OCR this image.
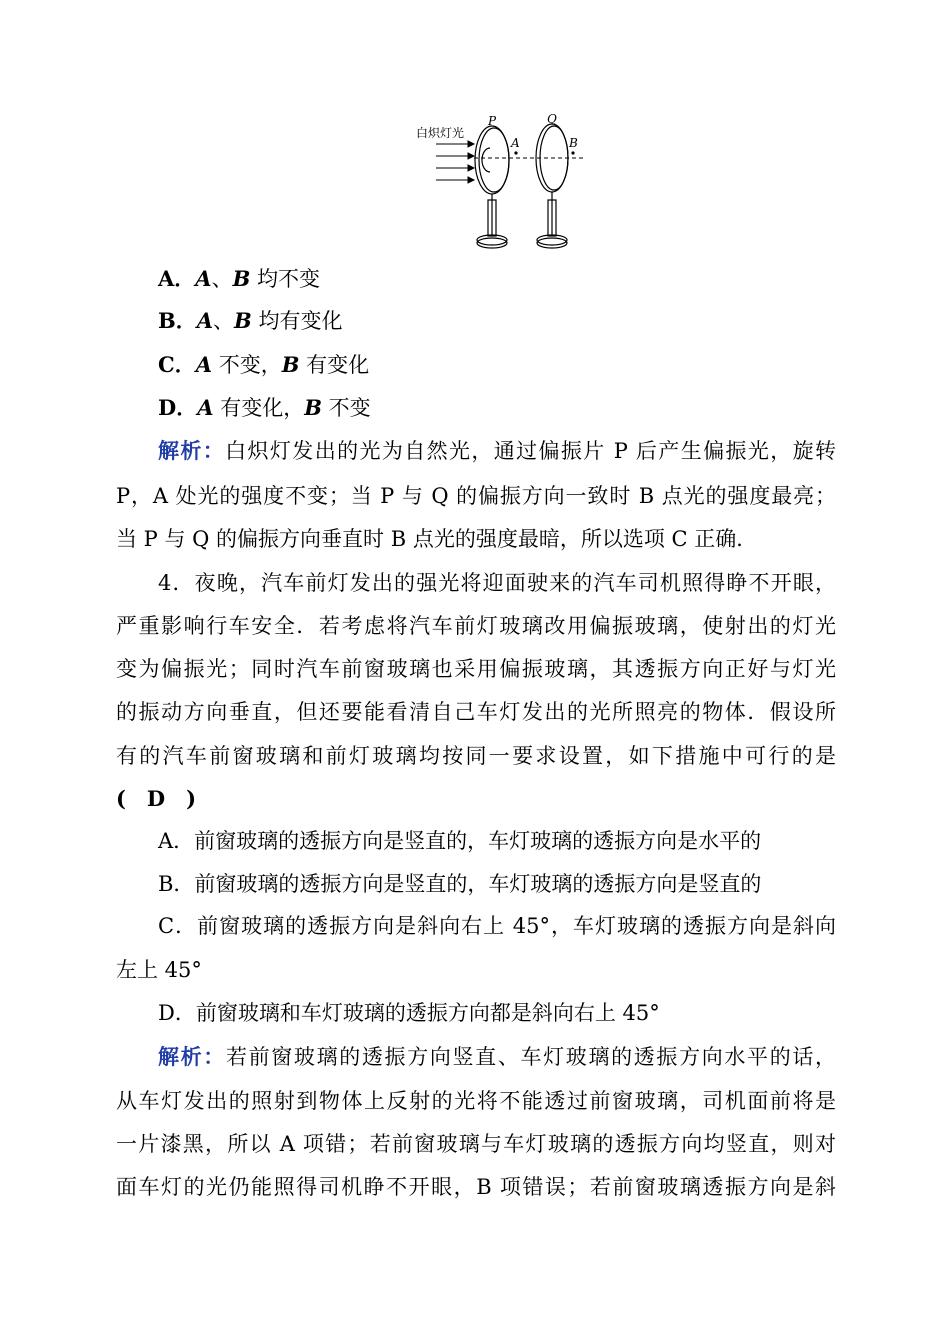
白炽灯光
P	Q
A	B
A．A、B 均不变
B．A、B 均有变化
C．A 不变，B 有变化
D．A 有变化，B 不变
解析：白炽灯发出的光为自然光，通过偏振片 P 后产生偏振光，旋转
P，A 处光的强度不变；当 P 与 Q 的偏振方向一致时 B 点光的强度最亮；
当 P 与 Q 的偏振方向垂直时 B 点光的强度最暗，所以选项 C 正确．
4．夜晚，汽车前灯发出的强光将迎面驶来的汽车司机照得睁不开眼，
严重影响行车安全．若考虑将汽车前灯玻璃改用偏振玻璃，使射出的灯光
变为偏振光；同时汽车前窗玻璃也采用偏振玻璃，其透振方向正好与灯光
的振动方向垂直，但还要能看清自己车灯发出的光所照亮的物体．假设所
有的汽车前窗玻璃和前灯玻璃均按同一要求设置，如下措施中可行的是
(　D　)
A．前窗玻璃的透振方向是竖直的，车灯玻璃的透振方向是水平的
B．前窗玻璃的透振方向是竖直的，车灯玻璃的透振方向是竖直的
C．前窗玻璃的透振方向是斜向右上 45°，车灯玻璃的透振方向是斜向
左上 45°
D．前窗玻璃和车灯玻璃的透振方向都是斜向右上 45°
解析：若前窗玻璃的透振方向竖直、车灯玻璃的透振方向水平的话，
从车灯发出的照射到物体上反射的光将不能透过前窗玻璃，司机面前将是
一片漆黑，所以 A 项错；若前窗玻璃与车灯玻璃的透振方向均竖直，则对
面车灯的光仍能照得司机睁不开眼，B 项错误；若前窗玻璃透振方向是斜
